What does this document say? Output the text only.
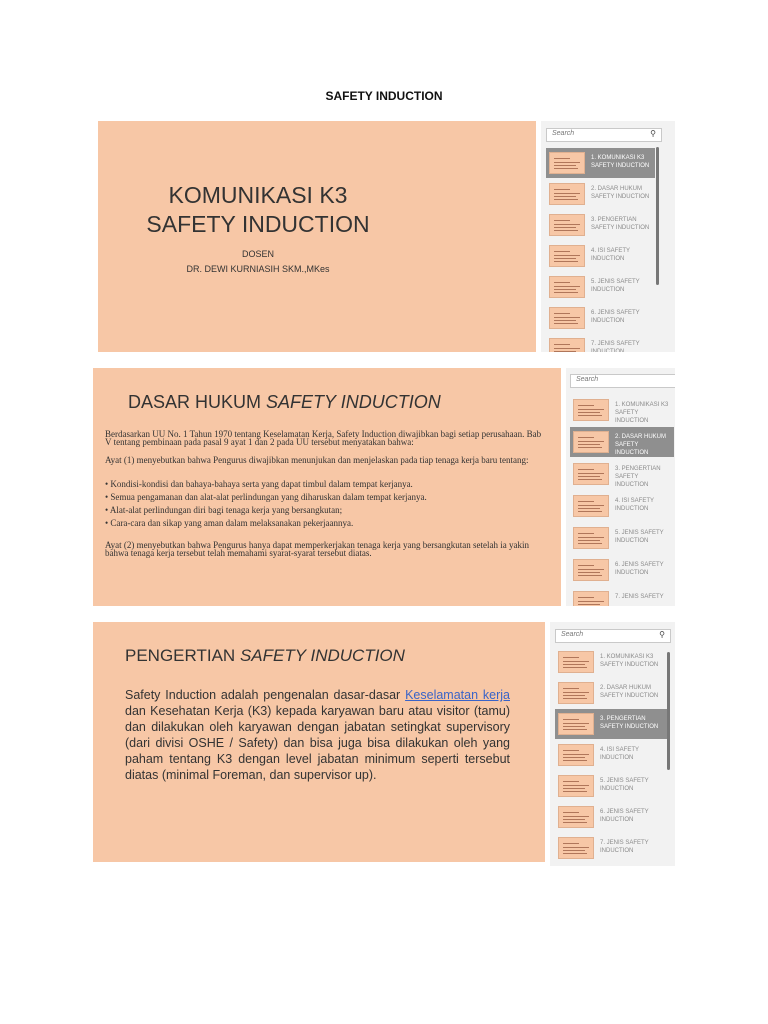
SAFETY INDUCTION
KOMUNIKASI K3
SAFETY INDUCTION
DOSEN
DR. DEWI KURNIASIH SKM.,MKes
Search	⚲
1. KOMUNIKASI K3 SAFETY INDUCTION
2. DASAR HUKUM SAFETY INDUCTION
3. PENGERTIAN SAFETY INDUCTION
4. ISI SAFETY INDUCTION
5. JENIS SAFETY INDUCTION
6. JENIS SAFETY INDUCTION
7. JENIS SAFETY INDUCTION
DASAR HUKUM SAFETY INDUCTION

Berdasarkan UU No. 1 Tahun 1970 tentang Keselamatan Kerja, Safety Induction diwajibkan bagi setiap perusahaan. Bab V tentang pembinaan pada pasal 9 ayat 1 dan 2 pada UU tersebut menyatakan bahwa:

Ayat (1) menyebutkan bahwa Pengurus diwajibkan menunjukan dan menjelaskan pada tiap tenaga kerja baru tentang:

• Kondisi-kondisi dan bahaya-bahaya serta yang dapat timbul dalam tempat kerjanya.
• Semua pengamanan dan alat-alat perlindungan yang diharuskan dalam tempat kerjanya.
• Alat-alat perlindungan diri bagi tenaga kerja yang bersangkutan;
• Cara-cara dan sikap yang aman dalam melaksanakan pekerjaannya.

Ayat (2) menyebutkan bahwa Pengurus hanya dapat memperkerjakan tenaga kerja yang bersangkutan setelah ia yakin bahwa tenaga kerja tersebut telah memahami syarat-syarat tersebut diatas.

Search
1. KOMUNIKASI K3 SAFETY INDUCTION
2. DASAR HUKUM SAFETY INDUCTION
3. PENGERTIAN SAFETY INDUCTION
4. ISI SAFETY INDUCTION
5. JENIS SAFETY INDUCTION
6. JENIS SAFETY INDUCTION
7. JENIS SAFETY
PENGERTIAN SAFETY INDUCTION
Safety Induction adalah pengenalan dasar-dasar Keselamatan kerja dan Kesehatan Kerja (K3) kepada karyawan baru atau visitor (tamu) dan dilakukan oleh karyawan dengan jabatan setingkat supervisory (dari divisi OSHE / Safety) dan bisa juga bisa dilakukan oleh yang paham tentang K3 dengan level jabatan minimum seperti tersebut diatas (minimal Foreman, dan supervisor up).
Search	⚲
1. KOMUNIKASI K3 SAFETY INDUCTION
2. DASAR HUKUM SAFETY INDUCTION
3. PENGERTIAN SAFETY INDUCTION
4. ISI SAFETY INDUCTION
5. JENIS SAFETY INDUCTION
6. JENIS SAFETY INDUCTION
7. JENIS SAFETY INDUCTION
